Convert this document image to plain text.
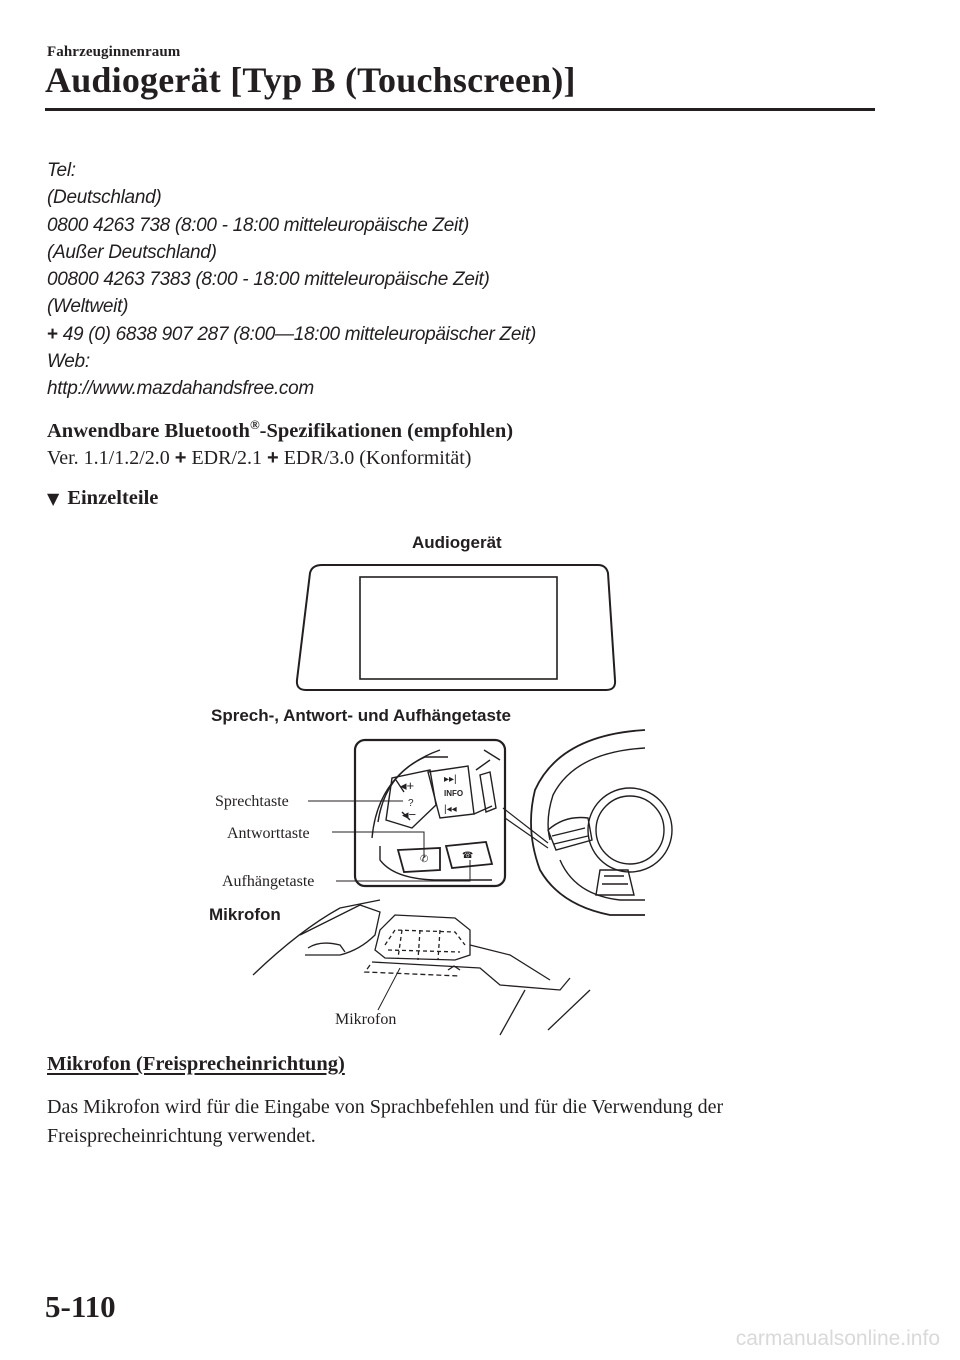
Fahrzeuginnenraum
Audiogerät [Typ B (Touchscreen)]
Tel:
(Deutschland)
0800 4263 738 (8:00 - 18:00 mitteleuropäische Zeit)
(Außer Deutschland)
00800 4263 7383 (8:00 - 18:00 mitteleuropäische Zeit)
(Weltweit)
+ 49 (0) 6838 907 287 (8:00—18:00 mitteleuropäischer Zeit)
Web:
http://www.mazdahandsfree.com
Anwendbare Bluetooth®-Spezifikationen (empfohlen)
Ver. 1.1/1.2/2.0 + EDR/2.1 + EDR/3.0 (Konformität)
▼ Einzelteile
Audiogerät
Sprech-, Antwort- und Aufhängetaste
◂+
◂−
?
▸▸|
|◂◂
INFO
✆	☎
Sprechtaste
Antworttaste
Aufhängetaste
Mikrofon
Mikrofon
Mikrofon (Freisprecheinrichtung)
Das Mikrofon wird für die Eingabe von Sprachbefehlen und für die Verwendung der Freisprecheinrichtung verwendet.
5-110
carmanualsonline.info
